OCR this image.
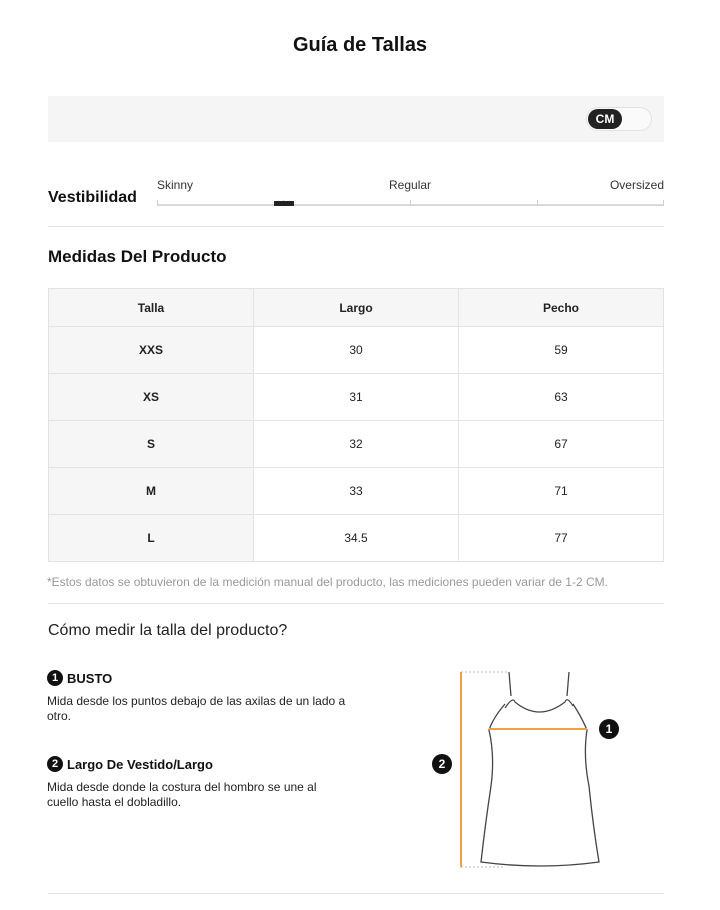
Guía de Tallas
CM
Vestibilidad
Skinny	Regular	Oversized
Medidas Del Producto
Talla	Largo	Pecho
XXS	30	59
XS	31	63
S	32	67
M	33	71
L	34.5	77
*Estos datos se obtuvieron de la medición manual del producto, las mediciones pueden variar de 1-2 CM.
Cómo medir la talla del producto?
1 BUSTO
Mida desde los puntos debajo de las axilas de un lado a otro.
2 Largo De Vestido/Largo
Mida desde donde la costura del hombro se une al cuello hasta el dobladillo.
1
2
